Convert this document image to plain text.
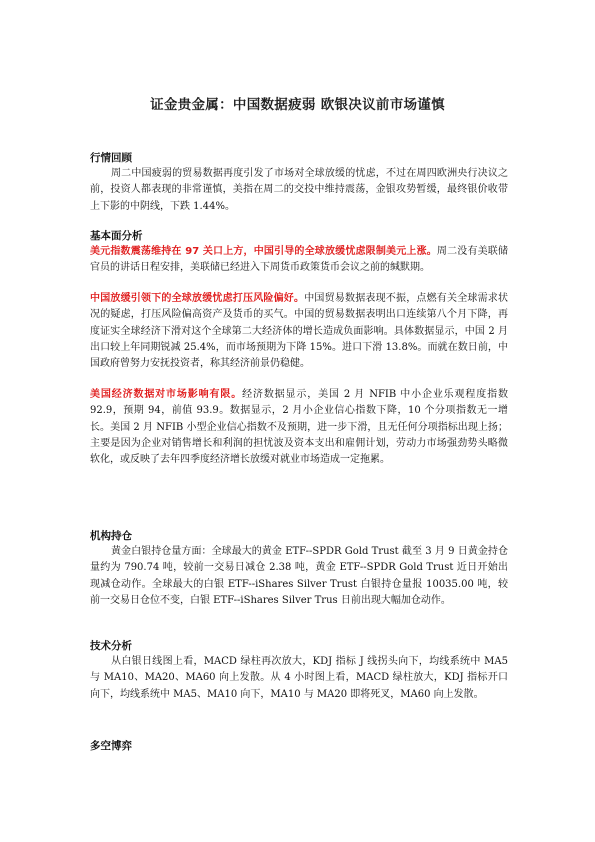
证金贵金属：中国数据疲弱 欧银决议前市场谨慎

行情回顾

周二中国疲弱的贸易数据再度引发了市场对全球放缓的忧虑，不过在周四欧洲央行决议之前，投资人都表现的非常谨慎，美指在周二的交投中维持震荡，金银攻势暂缓，最终银价收带上下影的中阴线，下跌 1.44%。

基本面分析

美元指数震荡维持在 97 关口上方，中国引导的全球放缓忧虑限制美元上涨。周二没有美联储官员的讲话日程安排，美联储已经进入下周货币政策货币会议之前的缄默期。

中国放缓引领下的全球放缓忧虑打压风险偏好。中国贸易数据表现不振，点燃有关全球需求状况的疑虑，打压风险偏高资产及货币的买气。中国的贸易数据表明出口连续第八个月下降，再度证实全球经济下滑对这个全球第二大经济体的增长造成负面影响。具体数据显示，中国 2 月出口较上年同期锐减 25.4%，而市场预期为下降 15%。进口下滑 13.8%。而就在数日前，中国政府曾努力安抚投资者，称其经济前景仍稳健。

美国经济数据对市场影响有限。经济数据显示，美国 2 月 NFIB 中小企业乐观程度指数 92.9，预期 94，前值 93.9。数据显示，2 月小企业信心指数下降，10 个分项指数无一增长。美国 2 月 NFIB 小型企业信心指数不及预期，进一步下滑，且无任何分项指标出现上扬；主要是因为企业对销售增长和利润的担忧波及资本支出和雇佣计划，劳动力市场强劲势头略微软化，或反映了去年四季度经济增长放缓对就业市场造成一定拖累。

机构持仓

黄金白银持仓量方面：全球最大的黄金 ETF--SPDR Gold Trust 截至 3 月 9 日黄金持仓量约为 790.74 吨，较前一交易日减仓 2.38 吨，黄金 ETF--SPDR Gold Trust 近日开始出现减仓动作。全球最大的白银 ETF--iShares Silver Trust 白银持仓量报 10035.00 吨，较前一交易日仓位不变，白银 ETF--iShares Silver Trus 日前出现大幅加仓动作。

技术分析

从白银日线图上看，MACD 绿柱再次放大，KDJ 指标 J 线拐头向下，均线系统中 MA5 与 MA10、MA20、MA60 向上发散。从 4 小时图上看，MACD 绿柱放大，KDJ 指标开口向下，均线系统中 MA5、MA10 向下，MA10 与 MA20 即将死叉，MA60 向上发散。

多空博弈
